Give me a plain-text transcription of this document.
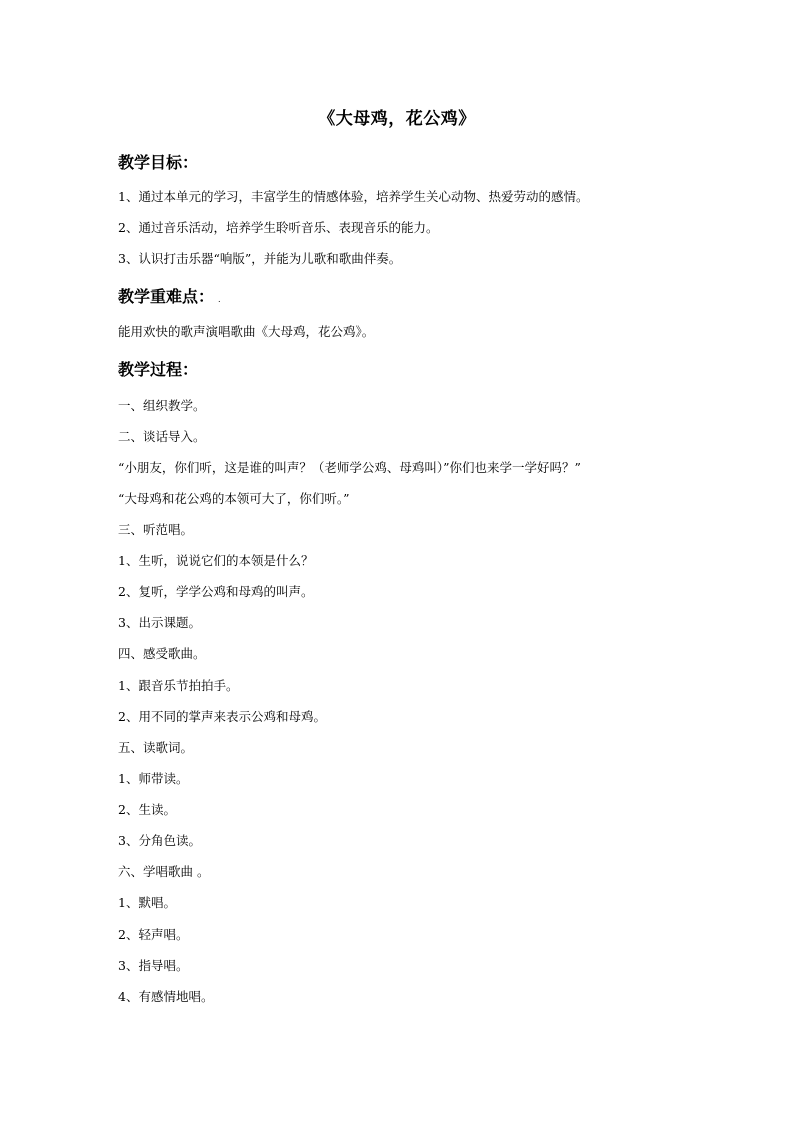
《大母鸡，花公鸡》
教学目标：
1、通过本单元的学习，丰富学生的情感体验，培养学生关心动物、热爱劳动的感情。
2、通过音乐活动，培养学生聆听音乐、表现音乐的能力。
3、认识打击乐器“响版”，并能为儿歌和歌曲伴奏。
教学重难点： .
能用欢快的歌声演唱歌曲《大母鸡，花公鸡》。
教学过程：
一、组织教学。
二、谈话导入。
“小朋友，你们听，这是谁的叫声？（老师学公鸡、母鸡叫）”你们也来学一学好吗？”
“大母鸡和花公鸡的本领可大了，你们听。”
三、听范唱。
1、生听，说说它们的本领是什么？
2、复听，学学公鸡和母鸡的叫声。
3、出示课题。
四、感受歌曲。
1、跟音乐节拍拍手。
2、用不同的掌声来表示公鸡和母鸡。
五、读歌词。
1、师带读。
2、生读。
3、分角色读。
六、学唱歌曲 。
1、默唱。
2、轻声唱。
3、指导唱。
4、有感情地唱。
